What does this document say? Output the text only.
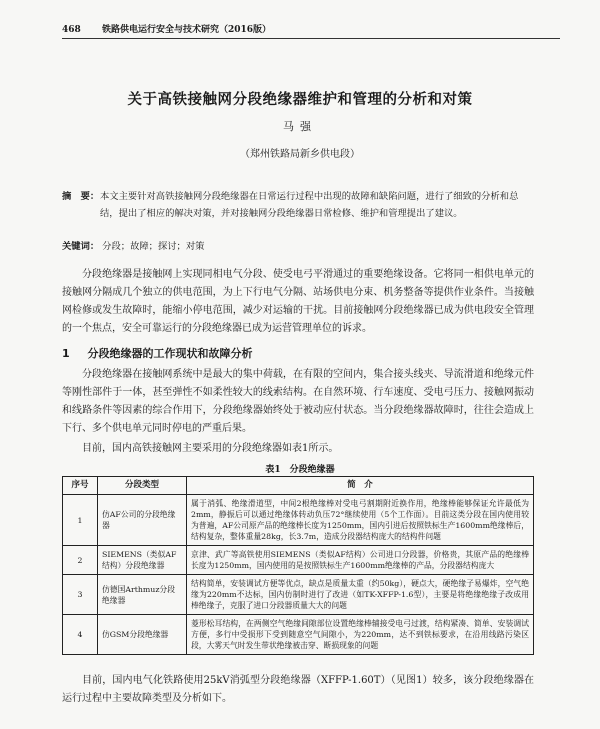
468 铁路供电运行安全与技术研究（2016版）
关于高铁接触网分段绝缘器维护和管理的分析和对策
马强
（郑州铁路局新乡供电段）
摘　要： 本文主要针对高铁接触网分段绝缘器在日常运行过程中出现的故障和缺陷问题，进行了细致的分析和总结，提出了相应的解决对策，并对接触网分段绝缘器日常检修、维护和管理提出了建议。
关键词： 分段；故障；探讨；对策
分段绝缘器是接触网上实现同相电气分段、使受电弓平滑通过的重要绝缘设备。它将同一相供电单元的接触网分隔成几个独立的供电范围，为上下行电气分隔、站场供电分束、机务整备等提供作业条件。当接触网检修或发生故障时，能缩小停电范围，减少对运输的干扰。目前接触网分段绝缘器已成为供电段安全管理的一个焦点，安全可靠运行的分段绝缘器已成为运营管理单位的诉求。
1 分段绝缘器的工作现状和故障分析
分段绝缘器在接触网系统中是最大的集中荷载，在有限的空间内，集合接头线夹、导流滑道和绝缘元件等刚性部件于一体，甚至弹性不如柔性较大的线索结构。在自然环境、行车速度、受电弓压力、接触网振动和线路条件等因素的综合作用下，分段绝缘器始终处于被动应付状态。当分段绝缘器故障时，往往会造成上下行、多个供电单元同时停电的严重后果。
目前，国内高铁接触网主要采用的分段绝缘器如表1所示。
表1　分段绝缘器
序号	分段类型	简　介
1	仿AF公司的分段绝缘器	属于消弧、绝缘滑道型，中间2根绝缘棒对受电弓割期附近换作用，绝缘棒能够保证允许最低为2mm，静振后可以通过绝缘体转动负压72°继续使用（5个工作面）。目前这类分段在国内使用较为普遍，AF公司原产品的绝缘棒长度为1250mm，国内引进后按照铁标生产1600mm绝缘棒后，结构复杂，整体重量28kg，长3.7m，造成分段器结构庞大的结构件问题
2	SIEMENS（类似AF结构）分段绝缘器	京津、武广等高铁使用SIEMENS（类似AF结构）公司进口分段器，价格贵，其原产品的绝缘棒长度为1250mm，国内使用的是按照铁标生产1600mm绝缘棒的产品，分段器结构庞大
3	仿德国Arthmuz分段绝缘器	结构简单，安装调试方便等优点，缺点是质量太重（约50kg），硬点大，硬绝缘子易爆炸，空气绝缘为220mm不达标，国内仿制时进行了改进（如TK-XFFP-1.6型），主要是将绝缘绝缘子改成用棒绝缘子，克服了进口分段器质量大大的问题
4	仿GSM分段绝缘器	菱形松耳结构，在两侧空气绝缘间隙部位设置绝缘棒辅接受电弓过渡，结构紧凑、简单、安装调试方便，多行中受损形下受到随意空气间隙小，为220mm，达不到铁标要求，在沿用线路污染区段，大雾天气时发生带状绝缘被击穿、断损现象的问题
目前，国内电气化铁路使用25kV消弧型分段绝缘器（XFFP-1.60T）（见图1）较多，该分段绝缘器在运行过程中主要故障类型及分析如下。
